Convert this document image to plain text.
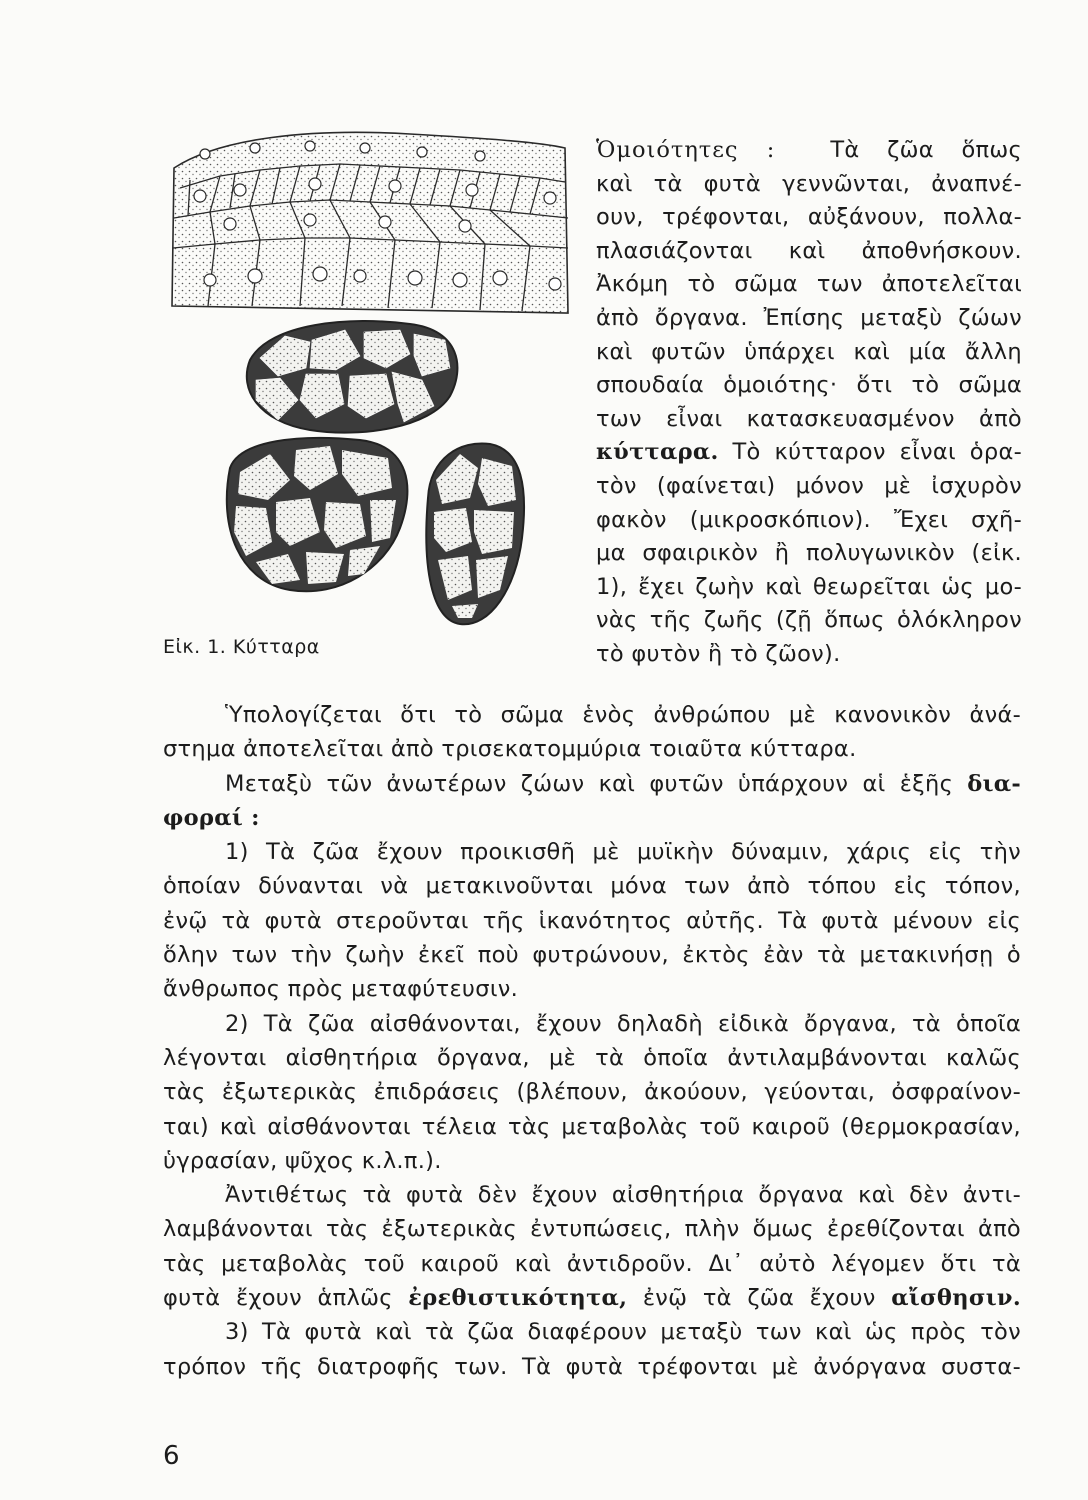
Εἰκ. 1. Κύτταρα
Ὁμοιότητες : Τὰ ζῶα ὅπως
καὶ τὰ φυτὰ γεννῶνται, ἀναπνέ-
ουν, τρέφονται, αὐξάνουν, πολλα-
πλασιάζονται καὶ ἀποθνήσκουν.
Ἀκόμη τὸ σῶμα των ἀποτελεῖται
ἀπὸ ὄργανα. Ἐπίσης μεταξὺ ζώων
καὶ φυτῶν ὑπάρχει καὶ μία ἄλλη
σπουδαία ὁμοιότης· ὅτι τὸ σῶμα
των εἶναι κατασκευασμένον ἀπὸ
κύτταρα. Τὸ κύτταρον εἶναι ὁρα-
τὸν (φαίνεται) μόνον μὲ ἰσχυρὸν
φακὸν (μικροσκόπιον). Ἔχει σχῆ-
μα σφαιρικὸν ἢ πολυγωνικὸν (εἰκ.
1), ἔχει ζωὴν καὶ θεωρεῖται ὡς μο-
νὰς τῆς ζωῆς (ζῇ ὅπως ὁλόκληρον
τὸ φυτὸν ἢ τὸ ζῶον).
Ὑπολογίζεται ὅτι τὸ σῶμα ἑνὸς ἀνθρώπου μὲ κανονικὸν ἀνά-
στημα ἀποτελεῖται ἀπὸ τρισεκατομμύρια τοιαῦτα κύτταρα.
Μεταξὺ τῶν ἀνωτέρων ζώων καὶ φυτῶν ὑπάρχουν αἱ ἑξῆς δια-
φοραί :
1) Τὰ ζῶα ἔχουν προικισθῆ μὲ μυϊκὴν δύναμιν, χάρις εἰς τὴν
ὁποίαν δύνανται νὰ μετακινοῦνται μόνα των ἀπὸ τόπου εἰς τόπον,
ἐνῷ τὰ φυτὰ στεροῦνται τῆς ἱκανότητος αὐτῆς. Τὰ φυτὰ μένουν εἰς
ὅλην των τὴν ζωὴν ἐκεῖ ποὺ φυτρώνουν, ἐκτὸς ἐὰν τὰ μετακινήσῃ ὁ
ἄνθρωπος πρὸς μεταφύτευσιν.
2) Τὰ ζῶα αἰσθάνονται, ἔχουν δηλαδὴ εἰδικὰ ὄργανα, τὰ ὁποῖα
λέγονται αἰσθητήρια ὄργανα, μὲ τὰ ὁποῖα ἀντιλαμβάνονται καλῶς
τὰς ἐξωτερικὰς ἐπιδράσεις (βλέπουν, ἀκούουν, γεύονται, ὀσφραίνον-
ται) καὶ αἰσθάνονται τέλεια τὰς μεταβολὰς τοῦ καιροῦ (θερμοκρασίαν,
ὑγρασίαν, ψῦχος κ.λ.π.).
Ἀντιθέτως τὰ φυτὰ δὲν ἔχουν αἰσθητήρια ὄργανα καὶ δὲν ἀντι-
λαμβάνονται τὰς ἐξωτερικὰς ἐντυπώσεις, πλὴν ὅμως ἐρεθίζονται ἀπὸ
τὰς μεταβολὰς τοῦ καιροῦ καὶ ἀντιδροῦν. Δι᾽ αὐτὸ λέγομεν ὅτι τὰ
φυτὰ ἔχουν ἁπλῶς ἐρεθιστικότητα, ἐνῷ τὰ ζῶα ἔχουν αἴσθησιν.
3) Τὰ φυτὰ καὶ τὰ ζῶα διαφέρουν μεταξὺ των καὶ ὡς πρὸς τὸν
τρόπον τῆς διατροφῆς των. Τὰ φυτὰ τρέφονται μὲ ἀνόργανα συστα-
6
